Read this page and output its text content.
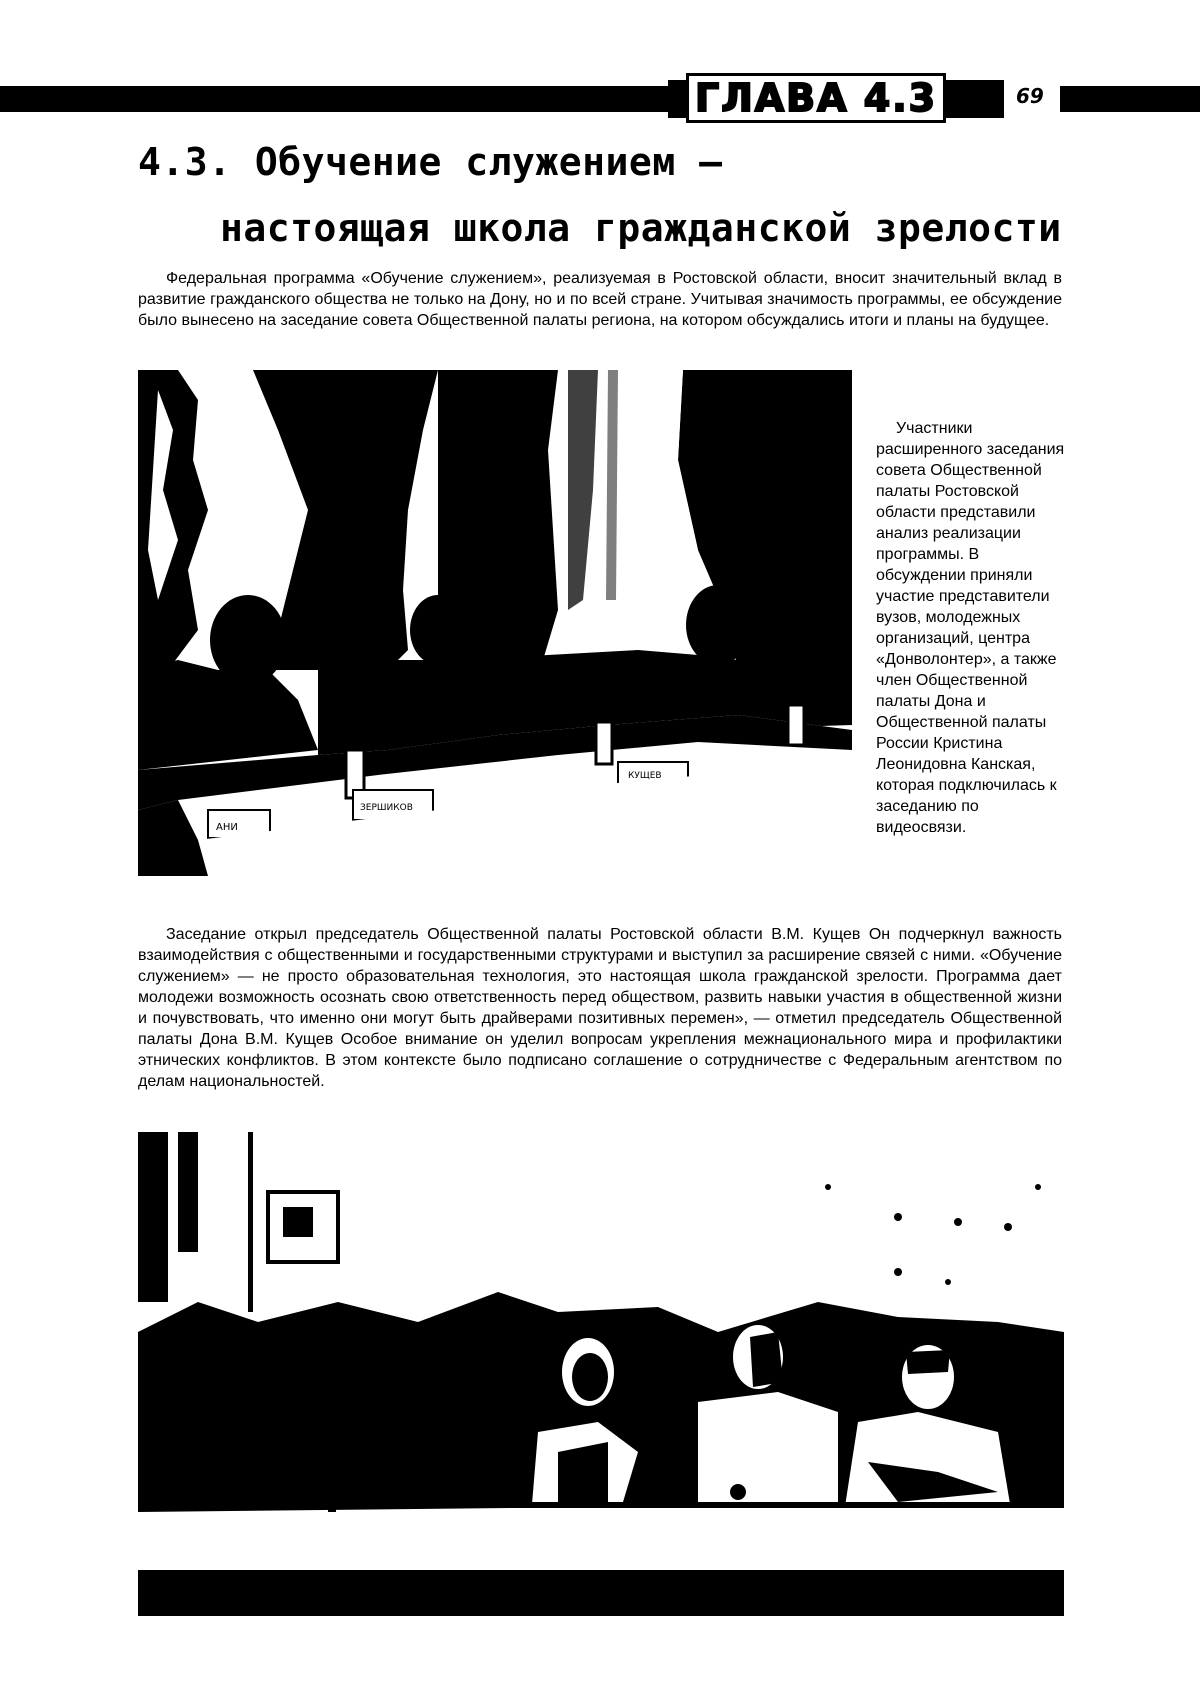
ГЛАВА 4.3	69
4.3. Обучение служением –
настоящая школа гражданской зрелости
Федеральная программа «Обучение служением», реализуемая в Ростовской области, вносит значительный вклад в развитие гражданского общества не только на Дону, но и по всей стране. Учитывая значимость программы, ее обсуждение было вынесено на заседание совета Общественной палаты региона, на котором обсуждались итоги и планы на будущее.
АНИ
ЗЕРШИКОВ
КУЩЕВ
Участники расширенного заседания совета Общественной палаты Ростовской области представили анализ реализации программы. В обсуждении приняли участие представители вузов, молодежных организаций, центра «Донволонтер», а также член Общественной палаты Дона и Общественной палаты России Кристина Леонидовна Канская, которая подключилась к заседанию по видеосвязи.
Заседание открыл председатель Общественной палаты Ростовской области В.М. Кущев Он подчеркнул важность взаимодействия с общественными и государственными структурами и выступил за расширение связей с ними. «Обучение служением» — не просто образовательная технология, это настоящая школа гражданской зрелости. Программа дает молодежи возможность осознать свою ответственность перед обществом, развить навыки участия в общественной жизни и почувствовать, что именно они могут быть драйверами позитивных перемен», — отметил председатель Общественной палаты Дона В.М. Кущев Особое внимание он уделил вопросам укрепления межнационального мира и профилактики этнических конфликтов. В этом контексте было подписано соглашение о сотрудничестве с Федеральным агентством по делам национальностей.
